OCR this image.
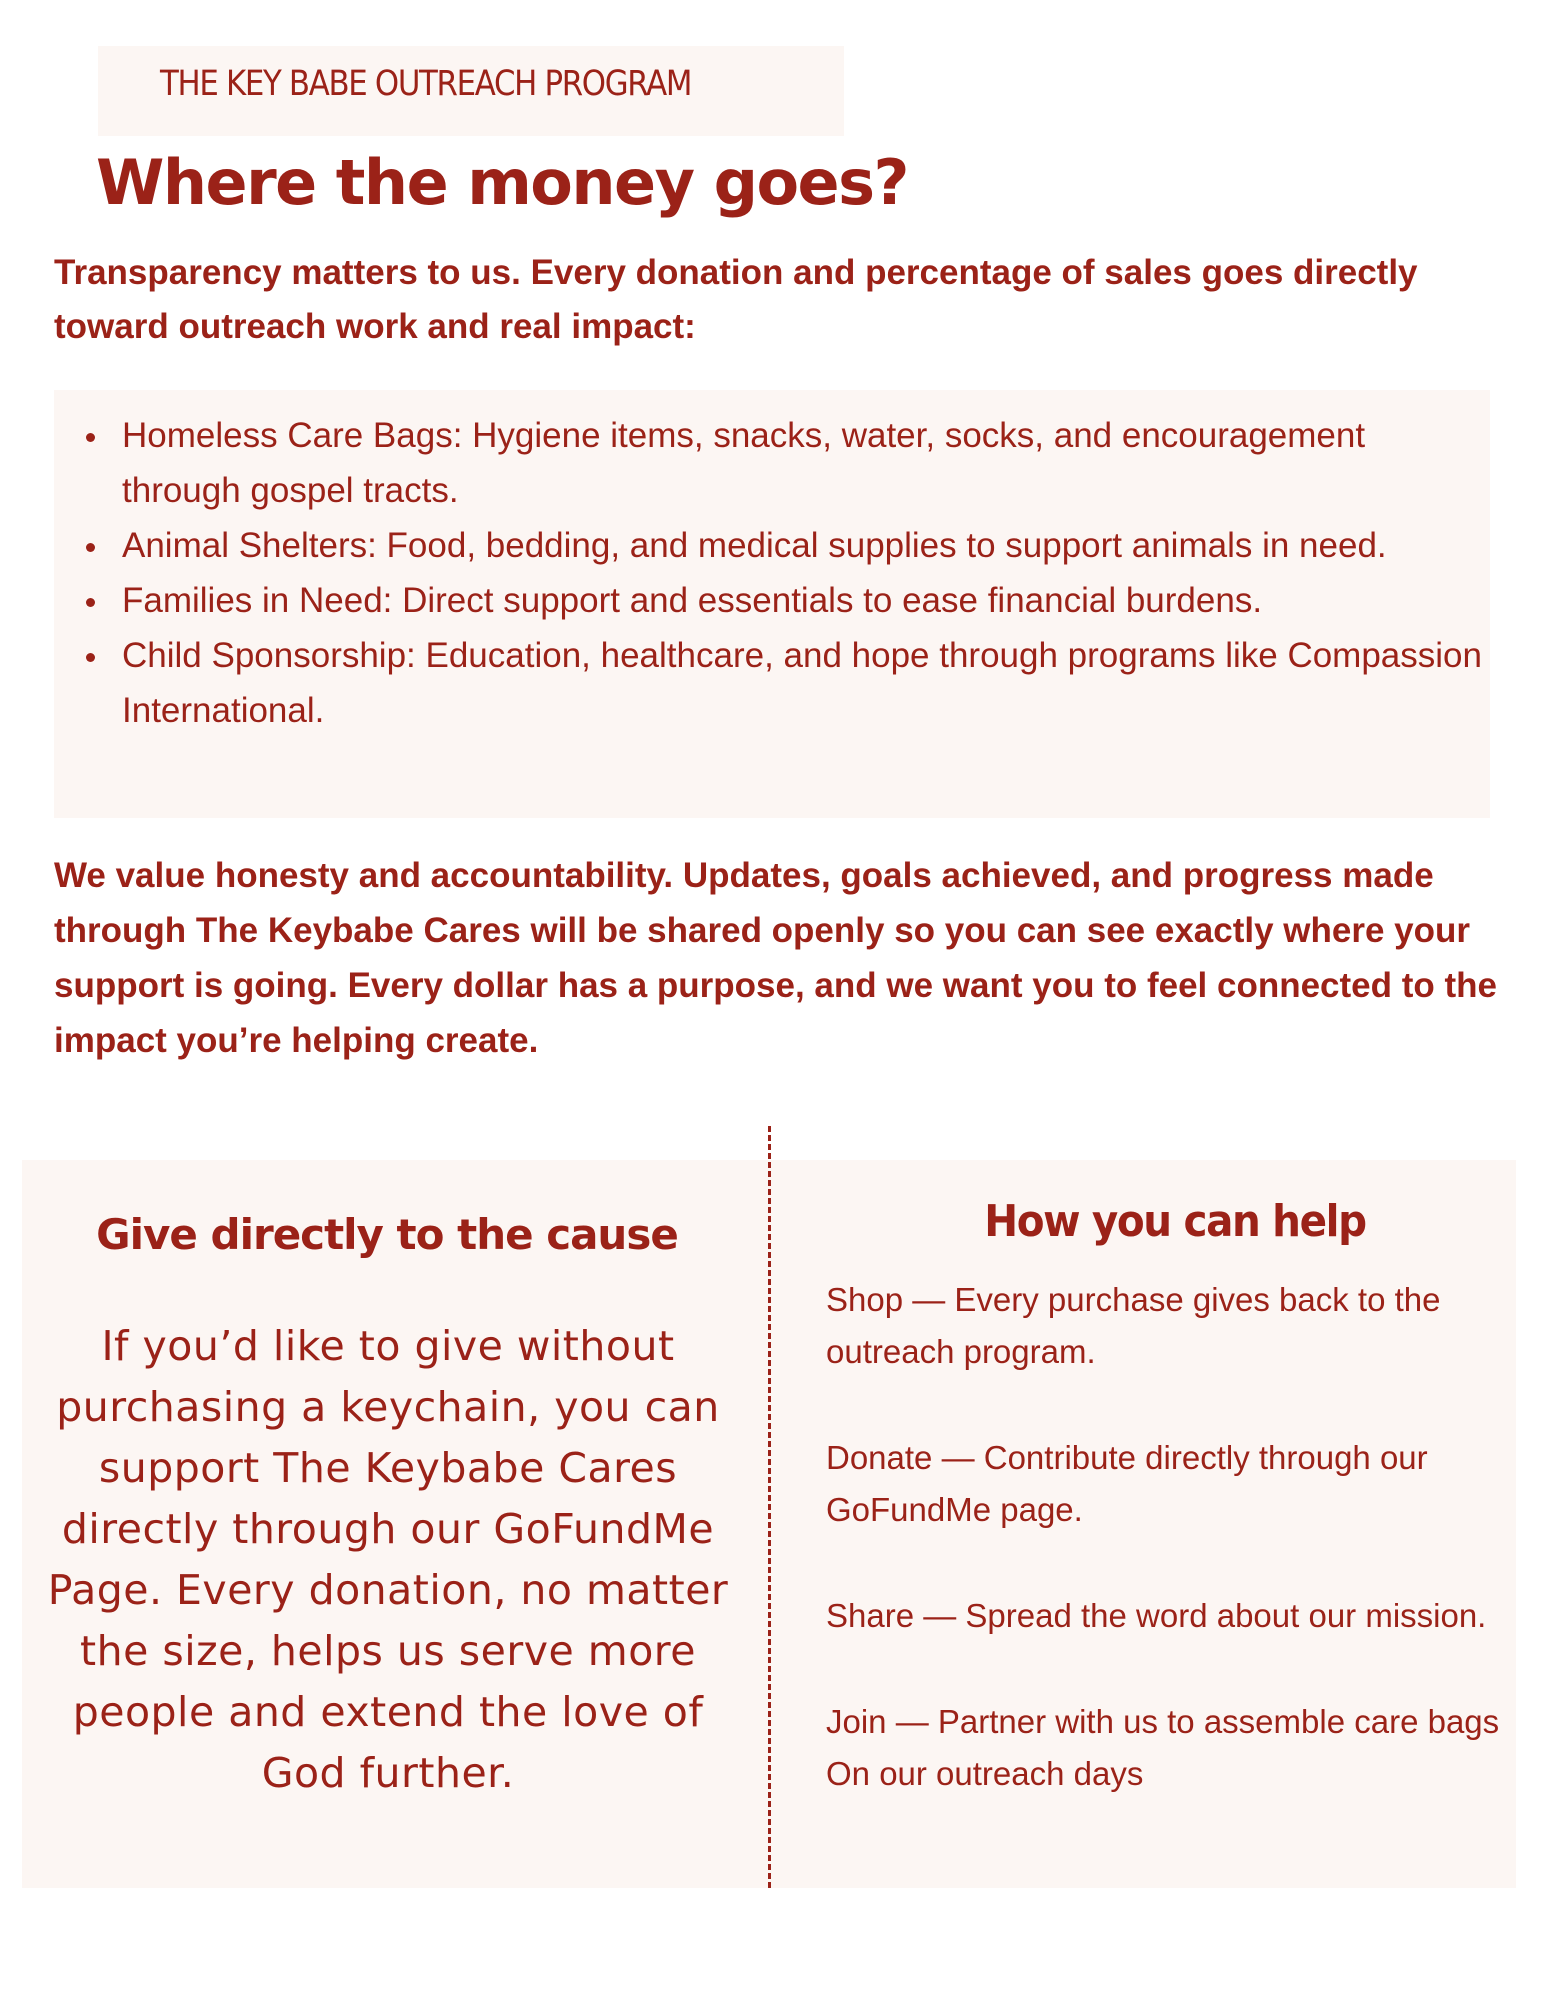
THE KEY BABE OUTREACH PROGRAM
Where the money goes?

Transparency matters to us. Every donation and percentage of sales goes directly toward outreach work and real impact:

Homeless Care Bags: Hygiene items, snacks, water, socks, and encouragement through gospel tracts.
Animal Shelters: Food, bedding, and medical supplies to support animals in need.
Families in Need: Direct support and essentials to ease financial burdens.
Child Sponsorship: Education, healthcare, and hope through programs like Compassion International.

We value honesty and accountability. Updates, goals achieved, and progress made through The Keybabe Cares will be shared openly so you can see exactly where your support is going. Every dollar has a purpose, and we want you to feel connected to the impact you’re helping create.

Give directly to the cause

If you’d like to give without purchasing a keychain, you can support The Keybabe Cares directly through our GoFundMe Page. Every donation, no matter the size, helps us serve more people and extend the love of God further.

How you can help
Shop — Every purchase gives back to the outreach program.
Donate — Contribute directly through our GoFundMe page.
Share — Spread the word about our mission.
Join — Partner with us to assemble care bags On our outreach days
